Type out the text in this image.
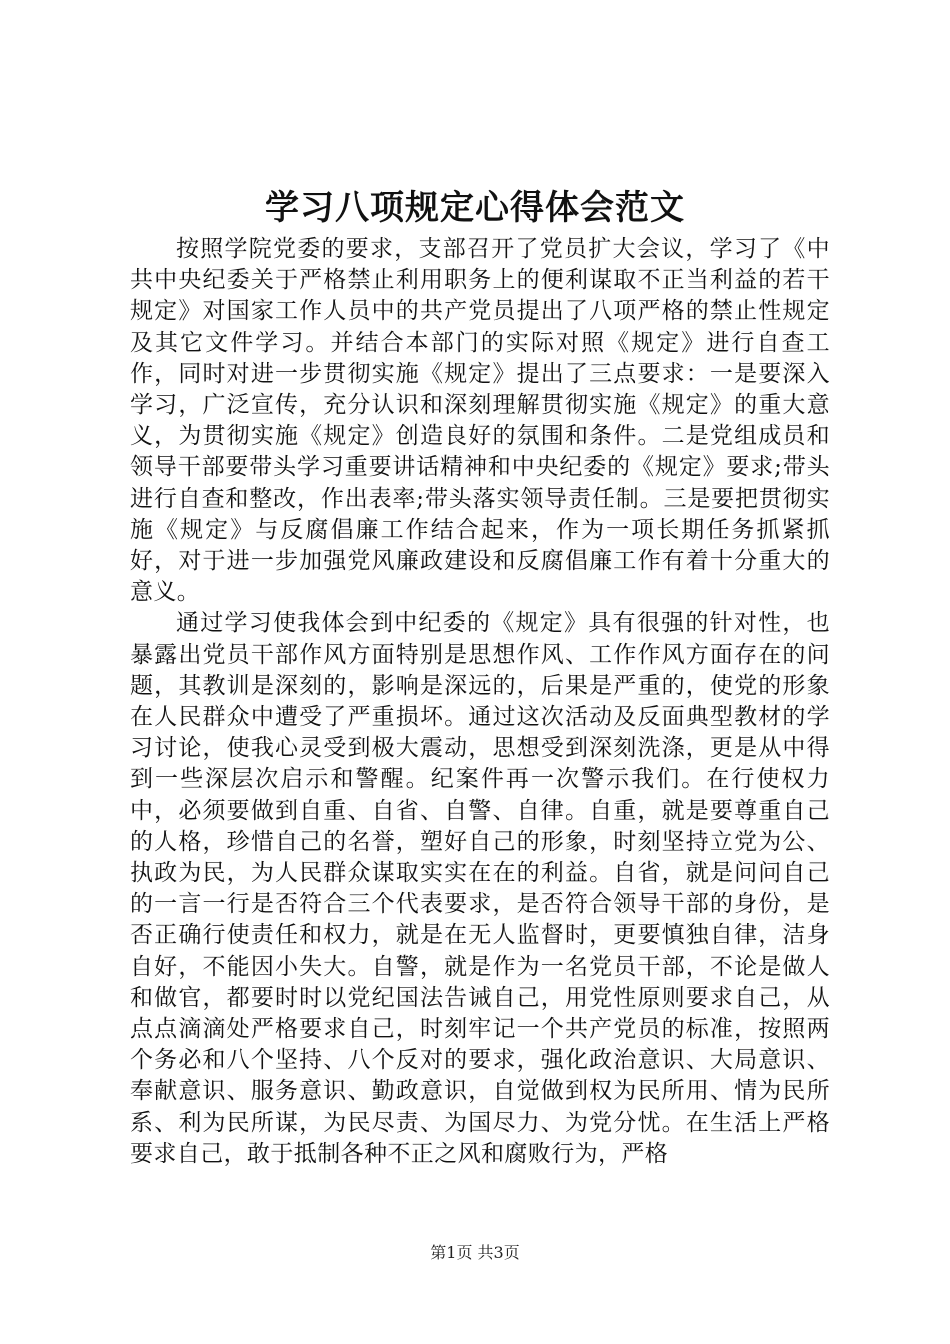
学习八项规定心得体会范文

按照学院党委的要求，支部召开了党员扩大会议，学习了《中共中央纪委关于严格禁止利用职务上的便利谋取不正当利益的若干规定》对国家工作人员中的共产党员提出了八项严格的禁止性规定及其它文件学习。并结合本部门的实际对照《规定》进行自查工作，同时对进一步贯彻实施《规定》提出了三点要求：一是要深入学习，广泛宣传，充分认识和深刻理解贯彻实施《规定》的重大意义，为贯彻实施《规定》创造良好的氛围和条件。二是党组成员和领导干部要带头学习重要讲话精神和中央纪委的《规定》要求;带头进行自查和整改，作出表率;带头落实领导责任制。三是要把贯彻实施《规定》与反腐倡廉工作结合起来，作为一项长期任务抓紧抓好，对于进一步加强党风廉政建设和反腐倡廉工作有着十分重大的意义。

通过学习使我体会到中纪委的《规定》具有很强的针对性，也暴露出党员干部作风方面特别是思想作风、工作作风方面存在的问题，其教训是深刻的，影响是深远的，后果是严重的，使党的形象在人民群众中遭受了严重损坏。通过这次活动及反面典型教材的学习讨论，使我心灵受到极大震动，思想受到深刻洗涤，更是从中得到一些深层次启示和警醒。纪案件再一次警示我们。在行使权力中，必须要做到自重、自省、自警、自律。自重，就是要尊重自己的人格，珍惜自己的名誉，塑好自己的形象，时刻坚持立党为公、执政为民，为人民群众谋取实实在在的利益。自省，就是问问自己的一言一行是否符合三个代表要求，是否符合领导干部的身份，是否正确行使责任和权力，就是在无人监督时，更要慎独自律，洁身自好，不能因小失大。自警，就是作为一名党员干部，不论是做人和做官，都要时时以党纪国法告诫自己，用党性原则要求自己，从点点滴滴处严格要求自己，时刻牢记一个共产党员的标准，按照两个务必和八个坚持、八个反对的要求，强化政治意识、大局意识、奉献意识、服务意识、勤政意识，自觉做到权为民所用、情为民所系、利为民所谋，为民尽责、为国尽力、为党分忧。在生活上严格要求自己，敢于抵制各种不正之风和腐败行为，严格

第1页 共3页
